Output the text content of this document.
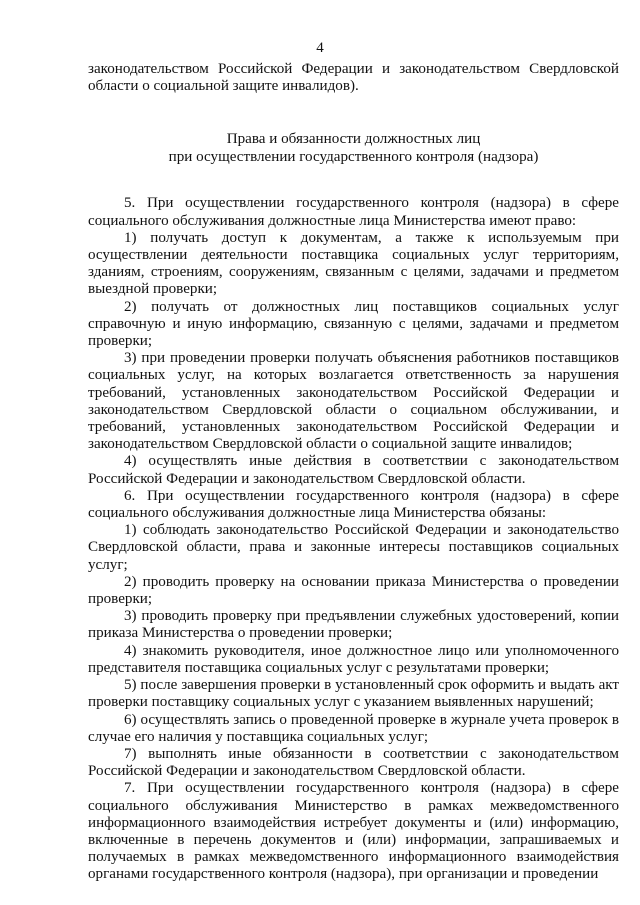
4

законодательством Российской Федерации и законодательством Свердловской области о социальной защите инвалидов).

Права и обязанности должностных лиц
при осуществлении государственного контроля (надзора)

5. При осуществлении государственного контроля (надзора) в сфере социального обслуживания должностные лица Министерства имеют право:

1) получать доступ к документам, а также к используемым при осуществлении деятельности поставщика социальных услуг территориям, зданиям, строениям, сооружениям, связанным с целями, задачами и предметом выездной проверки;

2) получать от должностных лиц поставщиков социальных услуг справочную и иную информацию, связанную с целями, задачами и предметом проверки;

3) при проведении проверки получать объяснения работников поставщиков социальных услуг, на которых возлагается ответственность за нарушения требований, установленных законодательством Российской Федерации и законодательством Свердловской области о социальном обслуживании, и требований, установленных законодательством Российской Федерации и законодательством Свердловской области о социальной защите инвалидов;

4) осуществлять иные действия в соответствии с законодательством Российской Федерации и законодательством Свердловской области.

6. При осуществлении государственного контроля (надзора) в сфере социального обслуживания должностные лица Министерства обязаны:

1) соблюдать законодательство Российской Федерации и законодательство Свердловской области, права и законные интересы поставщиков социальных услуг;

2) проводить проверку на основании приказа Министерства о проведении проверки;

3) проводить проверку при предъявлении служебных удостоверений, копии приказа Министерства о проведении проверки;

4) знакомить руководителя, иное должностное лицо или уполномоченного представителя поставщика социальных услуг с результатами проверки;

5) после завершения проверки в установленный срок оформить и выдать акт проверки поставщику социальных услуг с указанием выявленных нарушений;

6) осуществлять запись о проведенной проверке в журнале учета проверок в случае его наличия у поставщика социальных услуг;

7) выполнять иные обязанности в соответствии с законодательством Российской Федерации и законодательством Свердловской области.

7. При осуществлении государственного контроля (надзора) в сфере социального обслуживания Министерство в рамках межведомственного информационного взаимодействия истребует документы и (или) информацию, включенные в перечень документов и (или) информации, запрашиваемых и получаемых в рамках межведомственного информационного взаимодействия органами государственного контроля (надзора), при организации и проведении
